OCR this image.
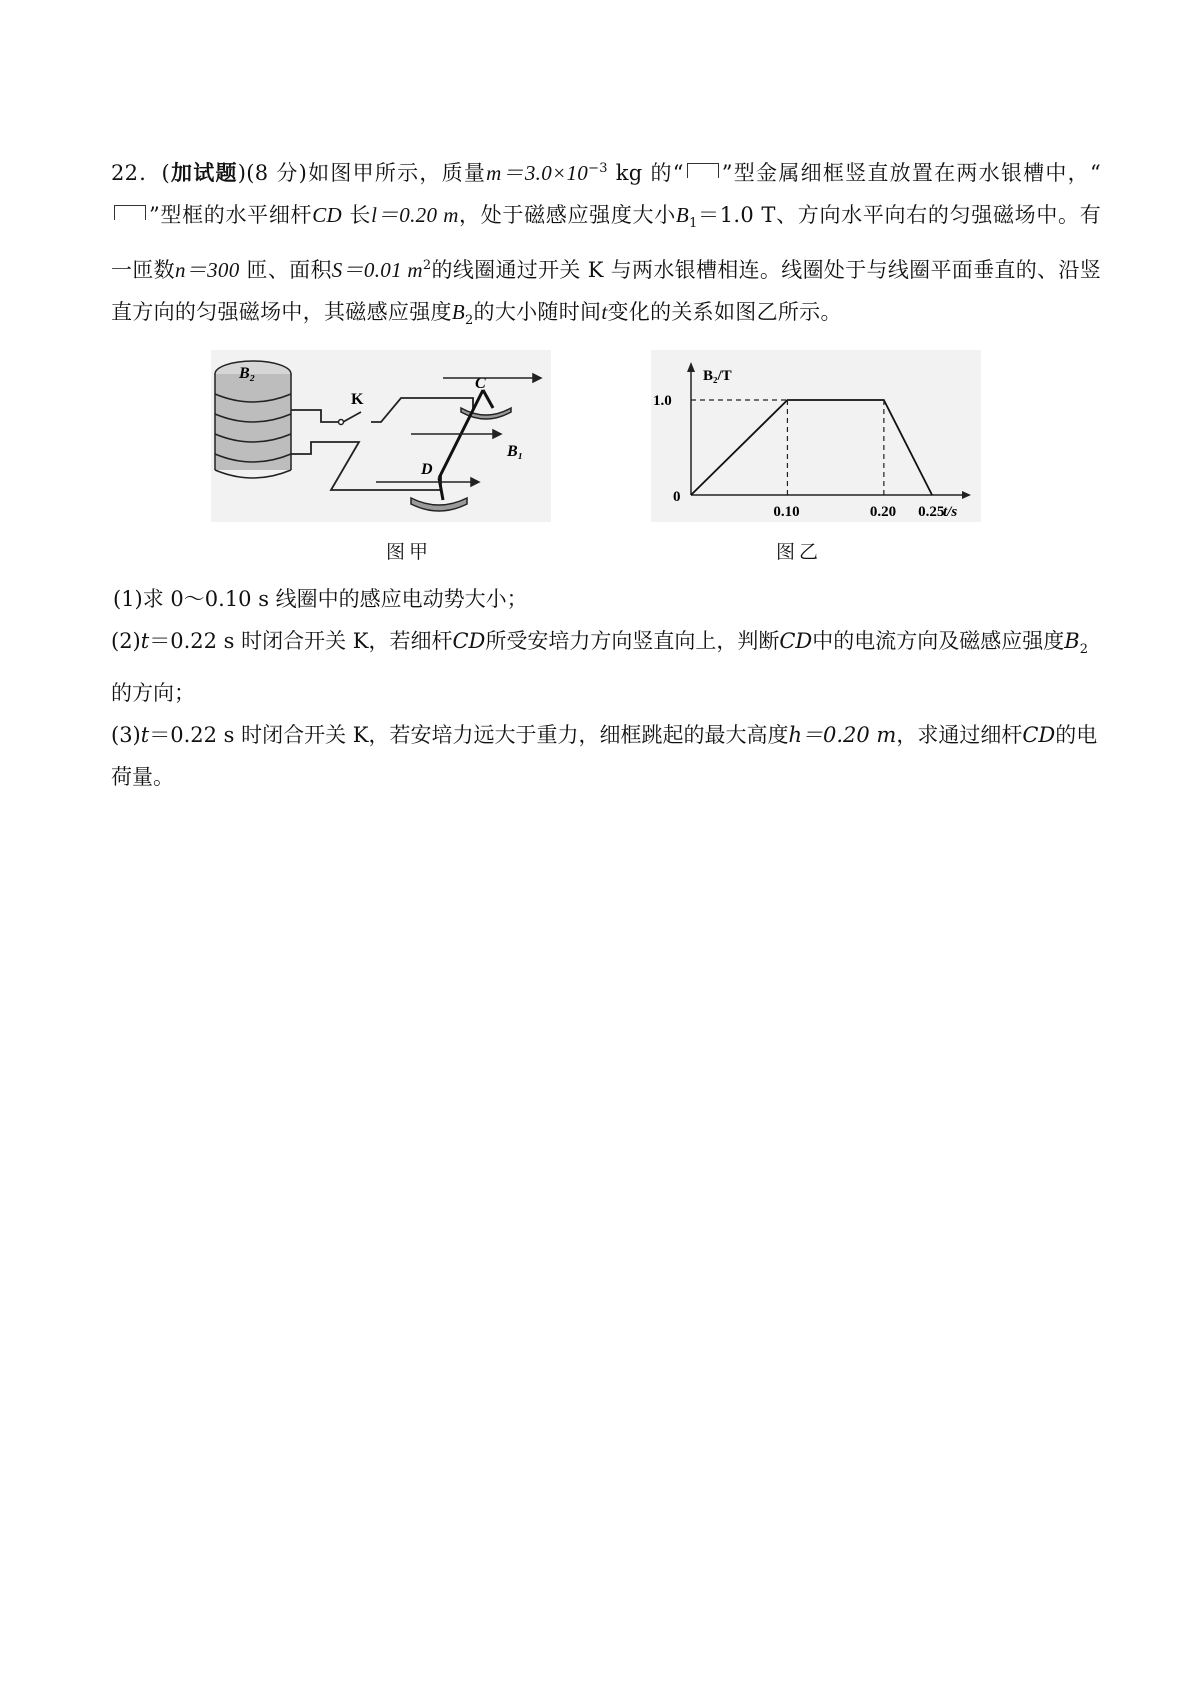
22．(加试题)(8 分)如图甲所示，质量$m=3.0\times 10^{-3}$ kg 的“ ”型金属细框竖直放置在两水银槽中，“”型框的水平细杆CD 长l＝0.20 m，处于磁感应强度大小$B_1=1.0$ T、方向水平向右的匀强磁场中。有一匝数n＝300 匝、面积S＝0.01 $m^2$的线圈通过开关 K 与两水银槽相连。线圈处于与线圈平面垂直的、沿竖直方向的匀强磁场中，其磁感应强度$B_2$的大小随时间t变化的关系如图乙所示。

B₂
K
C
D
B₁
图甲
B₂/T
t/s
0
1.0
0.10	0.20 0.25
图乙

(1)求 0～0.10 s 线圈中的感应电动势大小；

(2)t＝0.22 s 时闭合开关 K，若细杆CD所受安培力方向竖直向上，判断CD中的电流方向及磁感应强度$B_2$的方向；

(3)t＝0.22 s 时闭合开关 K，若安培力远大于重力，细框跳起的最大高度h＝0.20 m，求通过细杆CD的电荷量。
